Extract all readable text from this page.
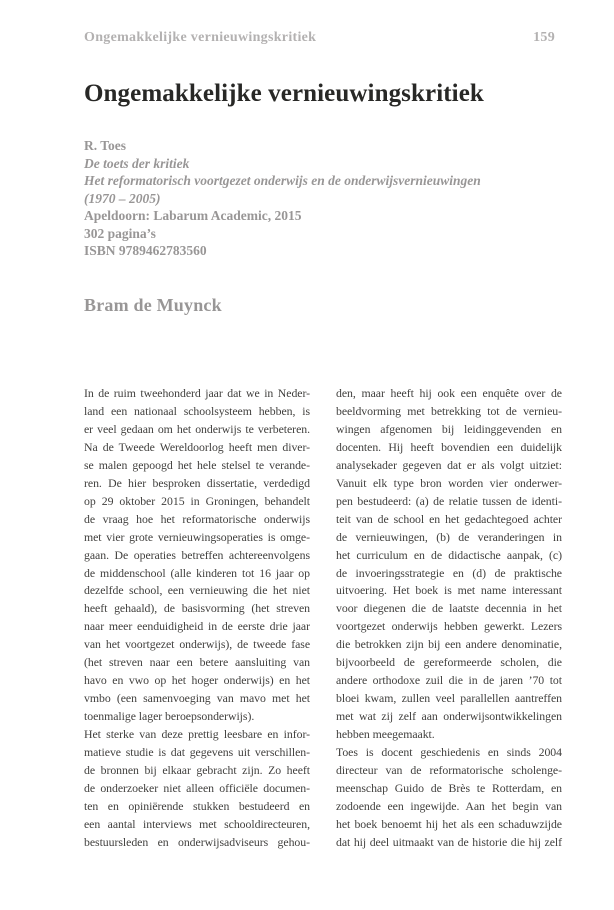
Ongemakkelijke vernieuwingskritiek	159
Ongemakkelijke vernieuwingskritiek
R. Toes
De toets der kritiek
Het reformatorisch voortgezet onderwijs en de onderwijsvernieuwingen
(1970 – 2005)
Apeldoorn: Labarum Academic, 2015
302 pagina’s
ISBN 9789462783560
Bram de Muynck
In de ruim tweehonderd jaar dat we in Neder-
land een nationaal schoolsysteem hebben, is
er veel gedaan om het onderwijs te verbeteren.
Na de Tweede Wereldoorlog heeft men diver-
se malen gepoogd het hele stelsel te verande-
ren. De hier besproken dissertatie, verdedigd
op 29 oktober 2015 in Groningen, behandelt
de vraag hoe het reformatorische onderwijs
met vier grote vernieuwingsoperaties is omge-
gaan. De operaties betreffen achtereenvolgens
de middenschool (alle kinderen tot 16 jaar op
dezelfde school, een vernieuwing die het niet
heeft gehaald), de basisvorming (het streven
naar meer eenduidigheid in de eerste drie jaar
van het voortgezet onderwijs), de tweede fase
(het streven naar een betere aansluiting van
havo en vwo op het hoger onderwijs) en het
vmbo (een samenvoeging van mavo met het
toenmalige lager beroepsonderwijs).
Het sterke van deze prettig leesbare en infor-
matieve studie is dat gegevens uit verschillen-
de bronnen bij elkaar gebracht zijn. Zo heeft
de onderzoeker niet alleen officiële documen-
ten en opiniërende stukken bestudeerd en
een aantal interviews met schooldirecteuren,
bestuursleden en onderwijsadviseurs gehou-
den, maar heeft hij ook een enquête over de
beeldvorming met betrekking tot de vernieu-
wingen afgenomen bij leidinggevenden en
docenten. Hij heeft bovendien een duidelijk
analysekader gegeven dat er als volgt uitziet:
Vanuit elk type bron worden vier onderwer-
pen bestudeerd: (a) de relatie tussen de identi-
teit van de school en het gedachtegoed achter
de vernieuwingen, (b) de veranderingen in
het curriculum en de didactische aanpak, (c)
de invoeringsstrategie en (d) de praktische
uitvoering. Het boek is met name interessant
voor diegenen die de laatste decennia in het
voortgezet onderwijs hebben gewerkt. Lezers
die betrokken zijn bij een andere denominatie,
bijvoorbeeld de gereformeerde scholen, die
andere orthodoxe zuil die in de jaren ’70 tot
bloei kwam, zullen veel parallellen aantreffen
met wat zij zelf aan onderwijsontwikkelingen
hebben meegemaakt.
Toes is docent geschiedenis en sinds 2004
directeur van de reformatorische scholenge-
meenschap Guido de Brès te Rotterdam, en
zodoende een ingewijde. Aan het begin van
het boek benoemt hij het als een schaduwzijde
dat hij deel uitmaakt van de historie die hij zelf
